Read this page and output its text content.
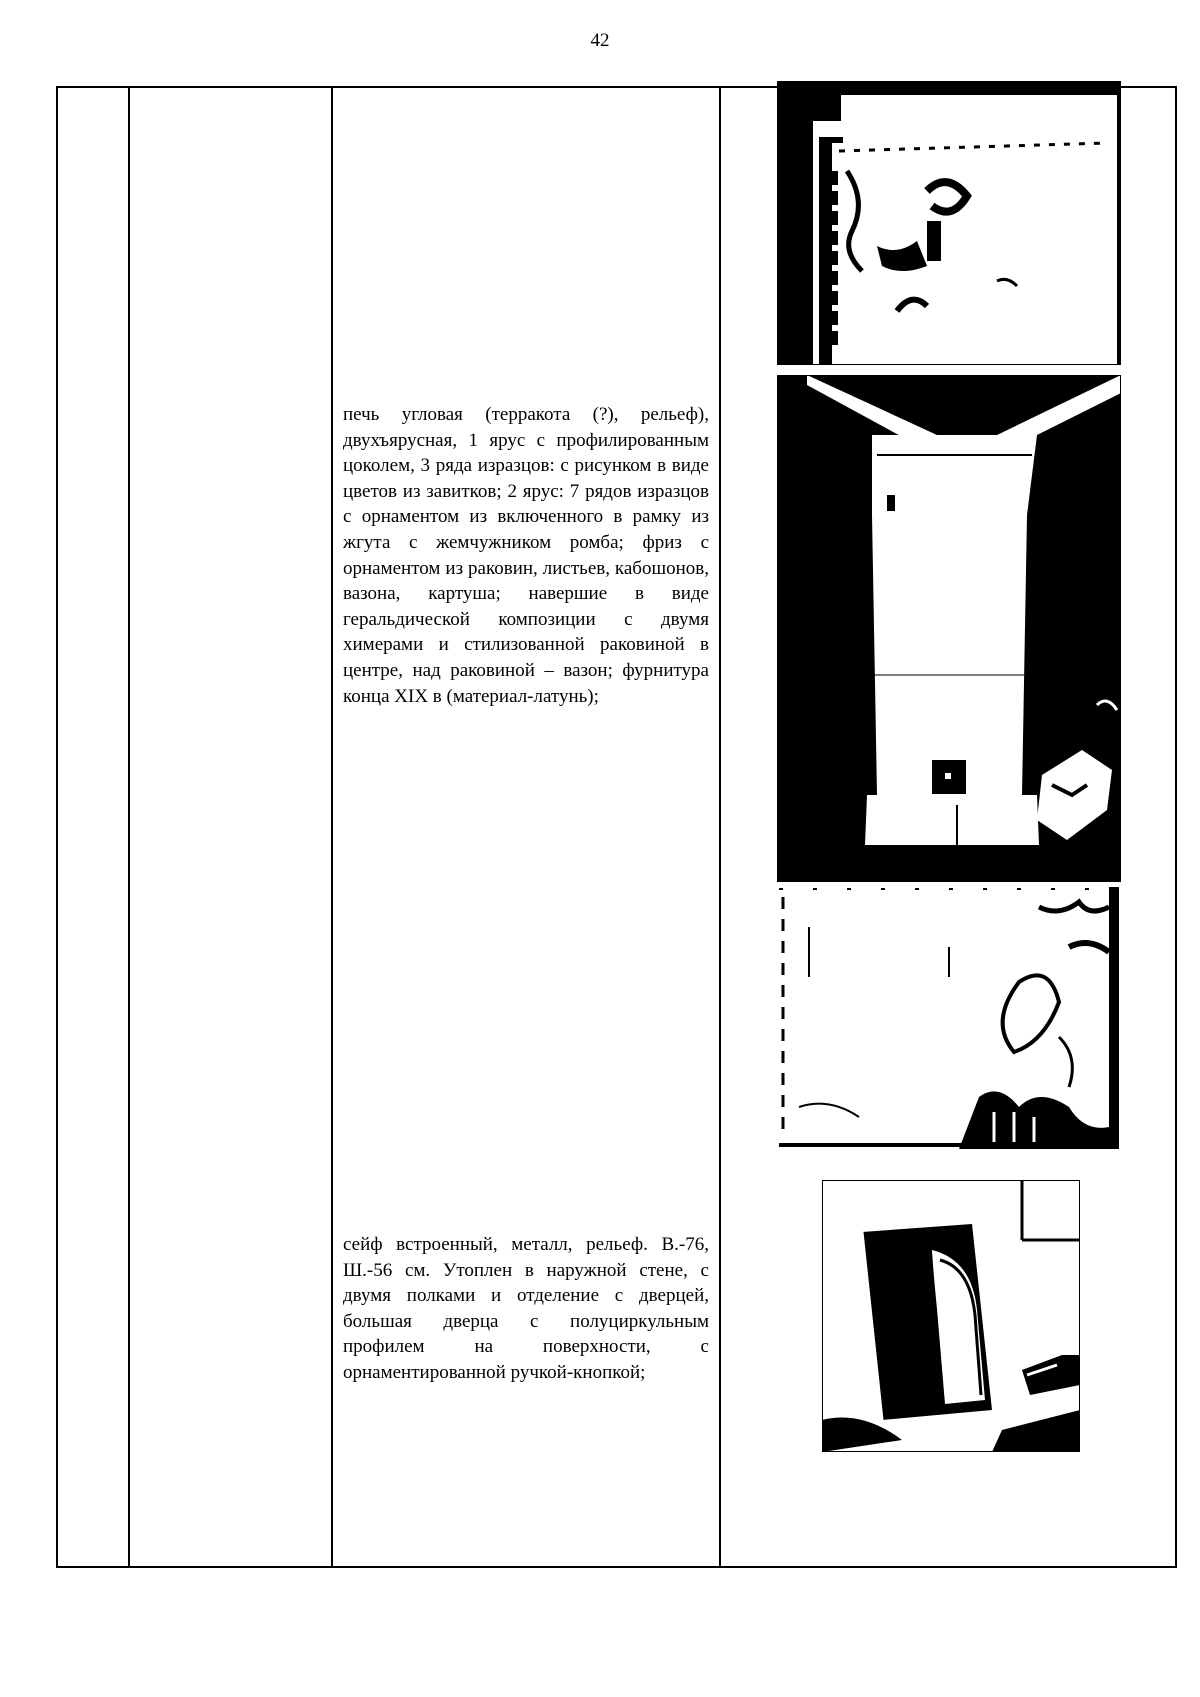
42
печь угловая (терракота (?), рельеф), двухъярусная, 1 ярус с профилированным цоколем, 3 ряда изразцов: с рисунком в виде цветов из завитков; 2 ярус: 7 рядов изразцов с орнаментом из включенного в рамку из жгута с жемчужником ромба; фриз с орнаментом из раковин, листьев, кабошонов, вазона, картуша; навершие в виде геральдической композиции с двумя химерами и стилизованной раковиной в центре, над раковиной – вазон; фурнитура конца XIX в (материал-латунь);
сейф встроенный, металл, рельеф. В.-76, Ш.-56 см. Утоплен в наружной стене, с двумя полками и отделение с дверцей, большая дверца с полуциркульным профилем на поверхности, с орнаментированной ручкой-кнопкой;
